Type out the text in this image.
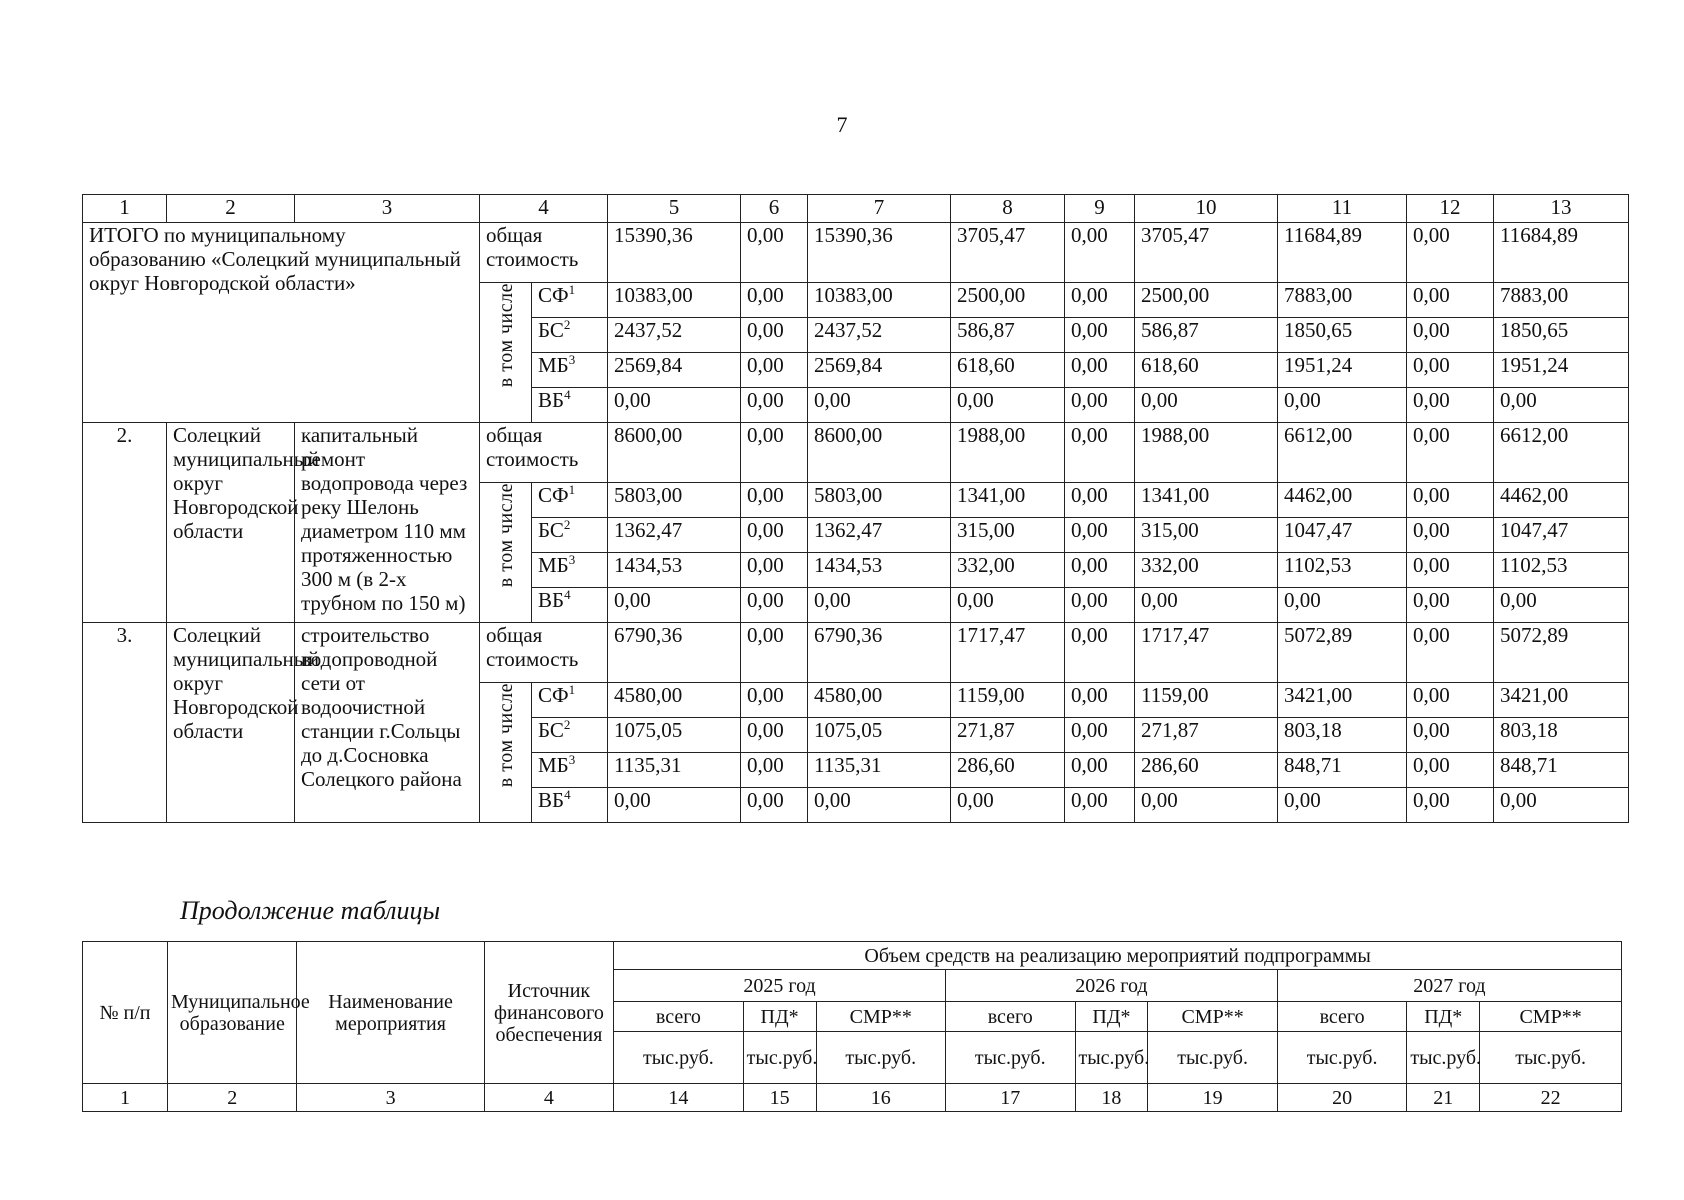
7
1	2	3	4		5	6	7	8	9	10	11	12	13
ИТОГО по муниципальному образованию «Солецкий муниципальный округ Новгородской области»			общая стоимость		15390,36	0,00	15390,36	3705,47	0,00	3705,47	11684,89	0,00	11684,89
			в том числе	$СФ^1$	10383,00	0,00	10383,00	2500,00	0,00	2500,00	7883,00	0,00	7883,00
				$БС^2$	2437,52	0,00	2437,52	586,87	0,00	586,87	1850,65	0,00	1850,65
				$МБ^3$	2569,84	0,00	2569,84	618,60	0,00	618,60	1951,24	0,00	1951,24
				$ВБ^4$	0,00	0,00	0,00	0,00	0,00	0,00	0,00	0,00	0,00
2.	Солецкий муниципальный округ Новгородской области	капитальный ремонт водопровода через реку Шелонь диаметром 110 мм протяженностью 300 м (в 2-х трубном по 150 м)	общая стоимость		8600,00	0,00	8600,00	1988,00	0,00	1988,00	6612,00	0,00	6612,00
			в том числе	$СФ^1$	5803,00	0,00	5803,00	1341,00	0,00	1341,00	4462,00	0,00	4462,00
				$БС^2$	1362,47	0,00	1362,47	315,00	0,00	315,00	1047,47	0,00	1047,47
				$МБ^3$	1434,53	0,00	1434,53	332,00	0,00	332,00	1102,53	0,00	1102,53
				$ВБ^4$	0,00	0,00	0,00	0,00	0,00	0,00	0,00	0,00	0,00
3.	Солецкий муниципальный округ Новгородской области	строительство водопроводной сети от водоочистной станции г.Сольцы до д.Сосновка Солецкого района	общая стоимость		6790,36	0,00	6790,36	1717,47	0,00	1717,47	5072,89	0,00	5072,89
			в том числе	$СФ^1$	4580,00	0,00	4580,00	1159,00	0,00	1159,00	3421,00	0,00	3421,00
				$БС^2$	1075,05	0,00	1075,05	271,87	0,00	271,87	803,18	0,00	803,18
				$МБ^3$	1135,31	0,00	1135,31	286,60	0,00	286,60	848,71	0,00	848,71
				$ВБ^4$	0,00	0,00	0,00	0,00	0,00	0,00	0,00	0,00	0,00
Продолжение таблицы
№ п/п	Муниципальное образование	Наименование мероприятия	Источник финансового обеспечения	Объем средств на реализацию мероприятий подпрограммы								
				2025 год			2026 год			2027 год		
				всего	ПД*	СМР**	всего	ПД*	СМР**	всего	ПД*	СМР**
				тыс.руб.	тыс.руб.	тыс.руб.	тыс.руб.	тыс.руб.	тыс.руб.	тыс.руб.	тыс.руб.	тыс.руб.
1	2	3	4	14	15	16	17	18	19	20	21	22
